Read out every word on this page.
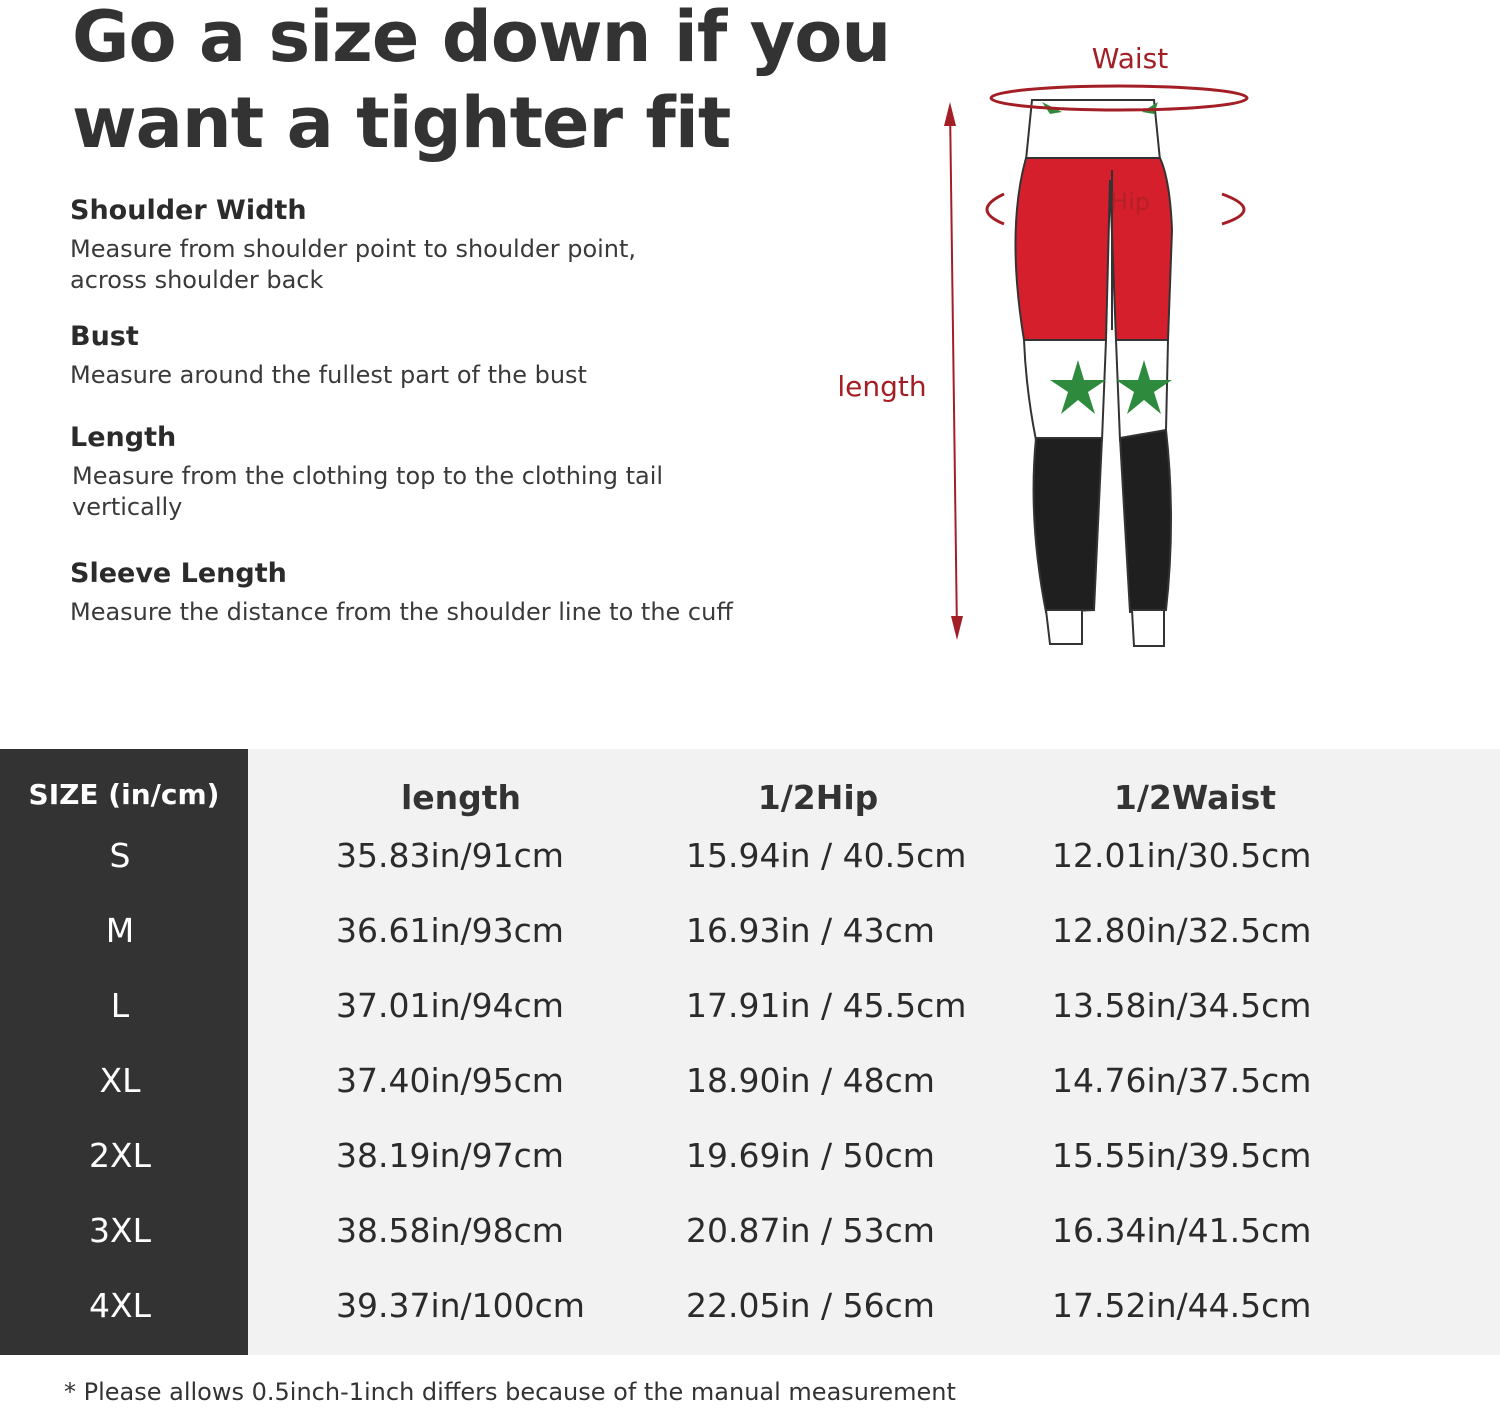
Go a size down if you
want a tighter fit
Shoulder Width
Measure from shoulder point to shoulder point,
across shoulder back
Bust
Measure around the fullest part of the bust
Length
Measure from the clothing top to the clothing tail
vertically
Sleeve Length
Measure the distance from the shoulder line to the cuff
Waist
Hip
length
SIZE (in/cm)	length	1/2Hip	1/2Waist
S	35.83in/91cm	15.94in / 40.5cm	12.01in/30.5cm
M	36.61in/93cm	16.93in / 43cm	12.80in/32.5cm
L	37.01in/94cm	17.91in / 45.5cm	13.58in/34.5cm
XL	37.40in/95cm	18.90in / 48cm	14.76in/37.5cm
2XL	38.19in/97cm	19.69in / 50cm	15.55in/39.5cm
3XL	38.58in/98cm	20.87in / 53cm	16.34in/41.5cm
4XL	39.37in/100cm	22.05in / 56cm	17.52in/44.5cm
* Please allows 0.5inch-1inch differs because of the manual measurement
